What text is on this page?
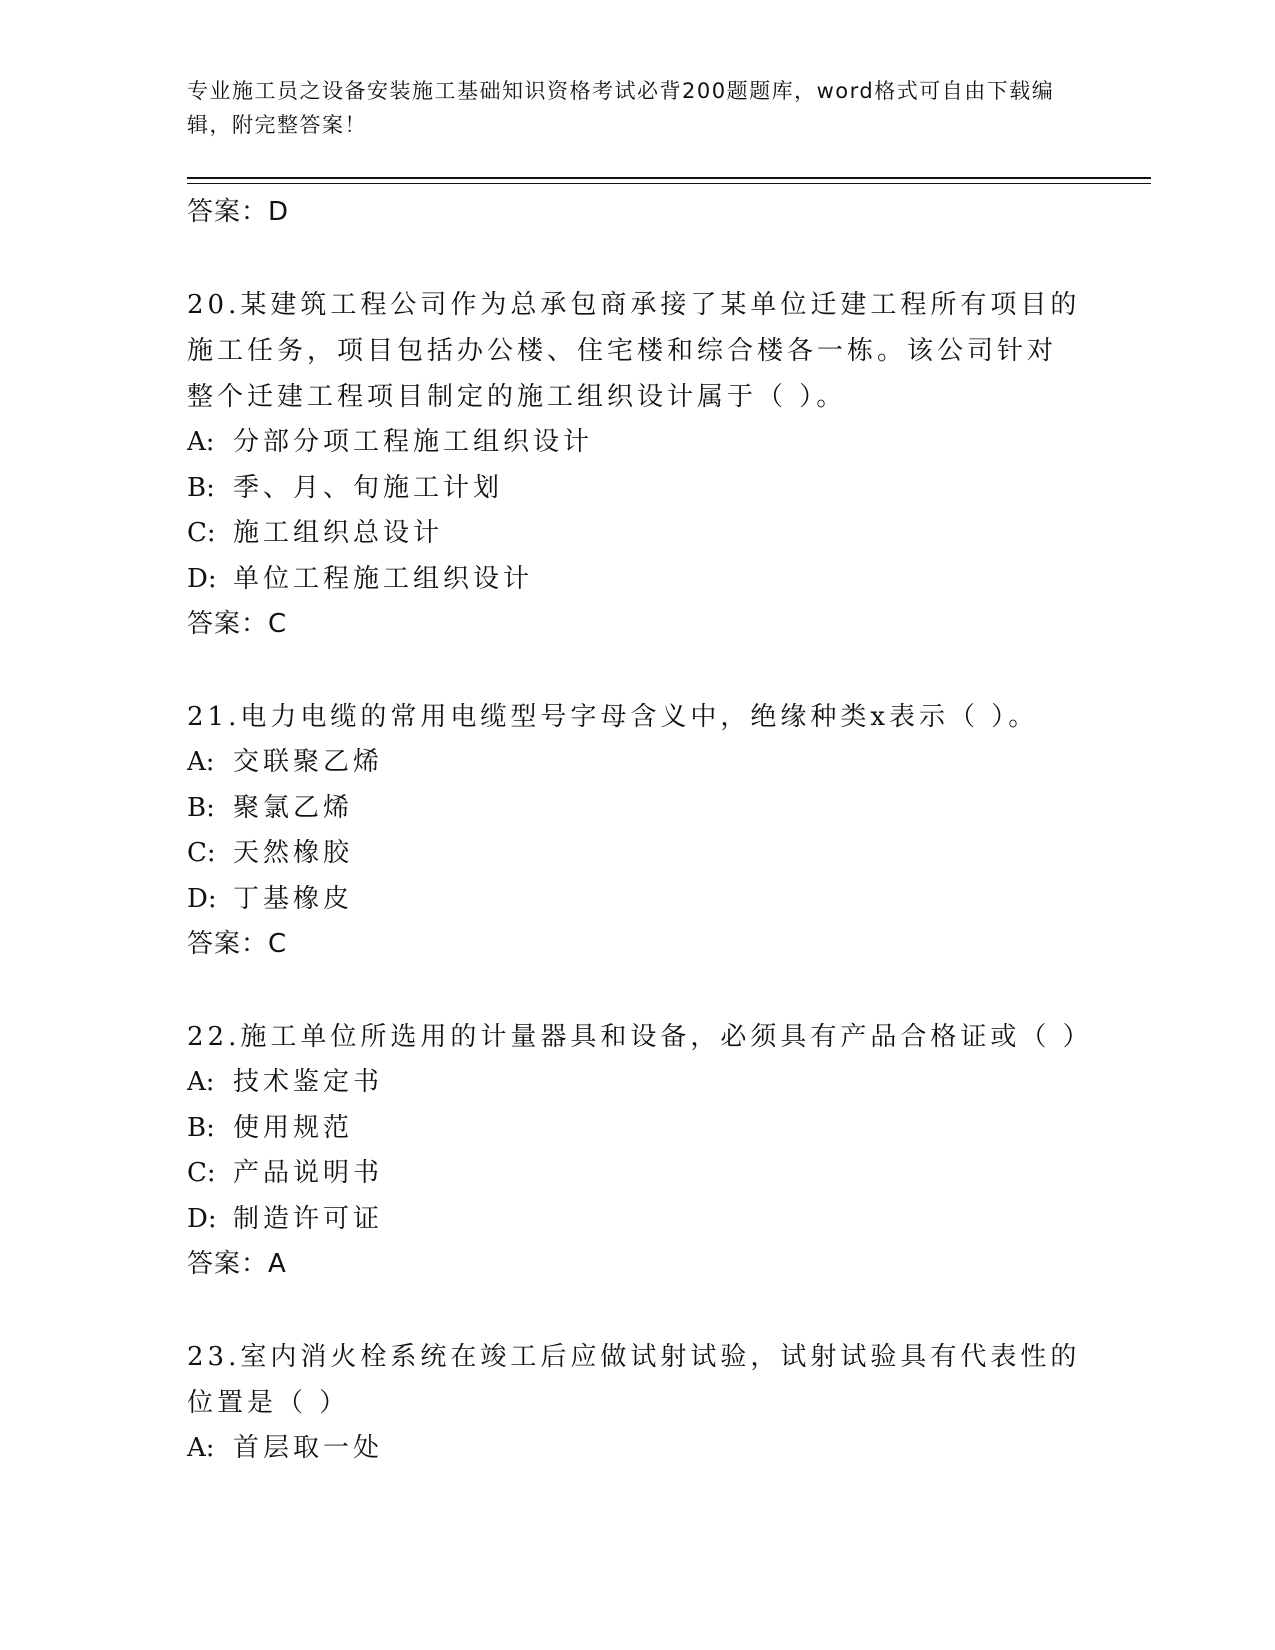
专业施工员之设备安装施工基础知识资格考试必背200题题库，word格式可自由下载编辑，附完整答案！

答案：D

20.某建筑工程公司作为总承包商承接了某单位迁建工程所有项目的施工任务，项目包括办公楼、住宅楼和综合楼各一栋。该公司针对整个迁建工程项目制定的施工组织设计属于（ ）。

A: 分部分项工程施工组织设计

B: 季、月、旬施工计划

C: 施工组织总设计

D: 单位工程施工组织设计

答案：C

21.电力电缆的常用电缆型号字母含义中，绝缘种类x表示（ ）。

A: 交联聚乙烯

B: 聚氯乙烯

C: 天然橡胶

D: 丁基橡皮

答案：C

22.施工单位所选用的计量器具和设备，必须具有产品合格证或（ ）

A: 技术鉴定书

B: 使用规范

C: 产品说明书

D: 制造许可证

答案：A

23.室内消火栓系统在竣工后应做试射试验，试射试验具有代表性的位置是（ ）

A: 首层取一处
